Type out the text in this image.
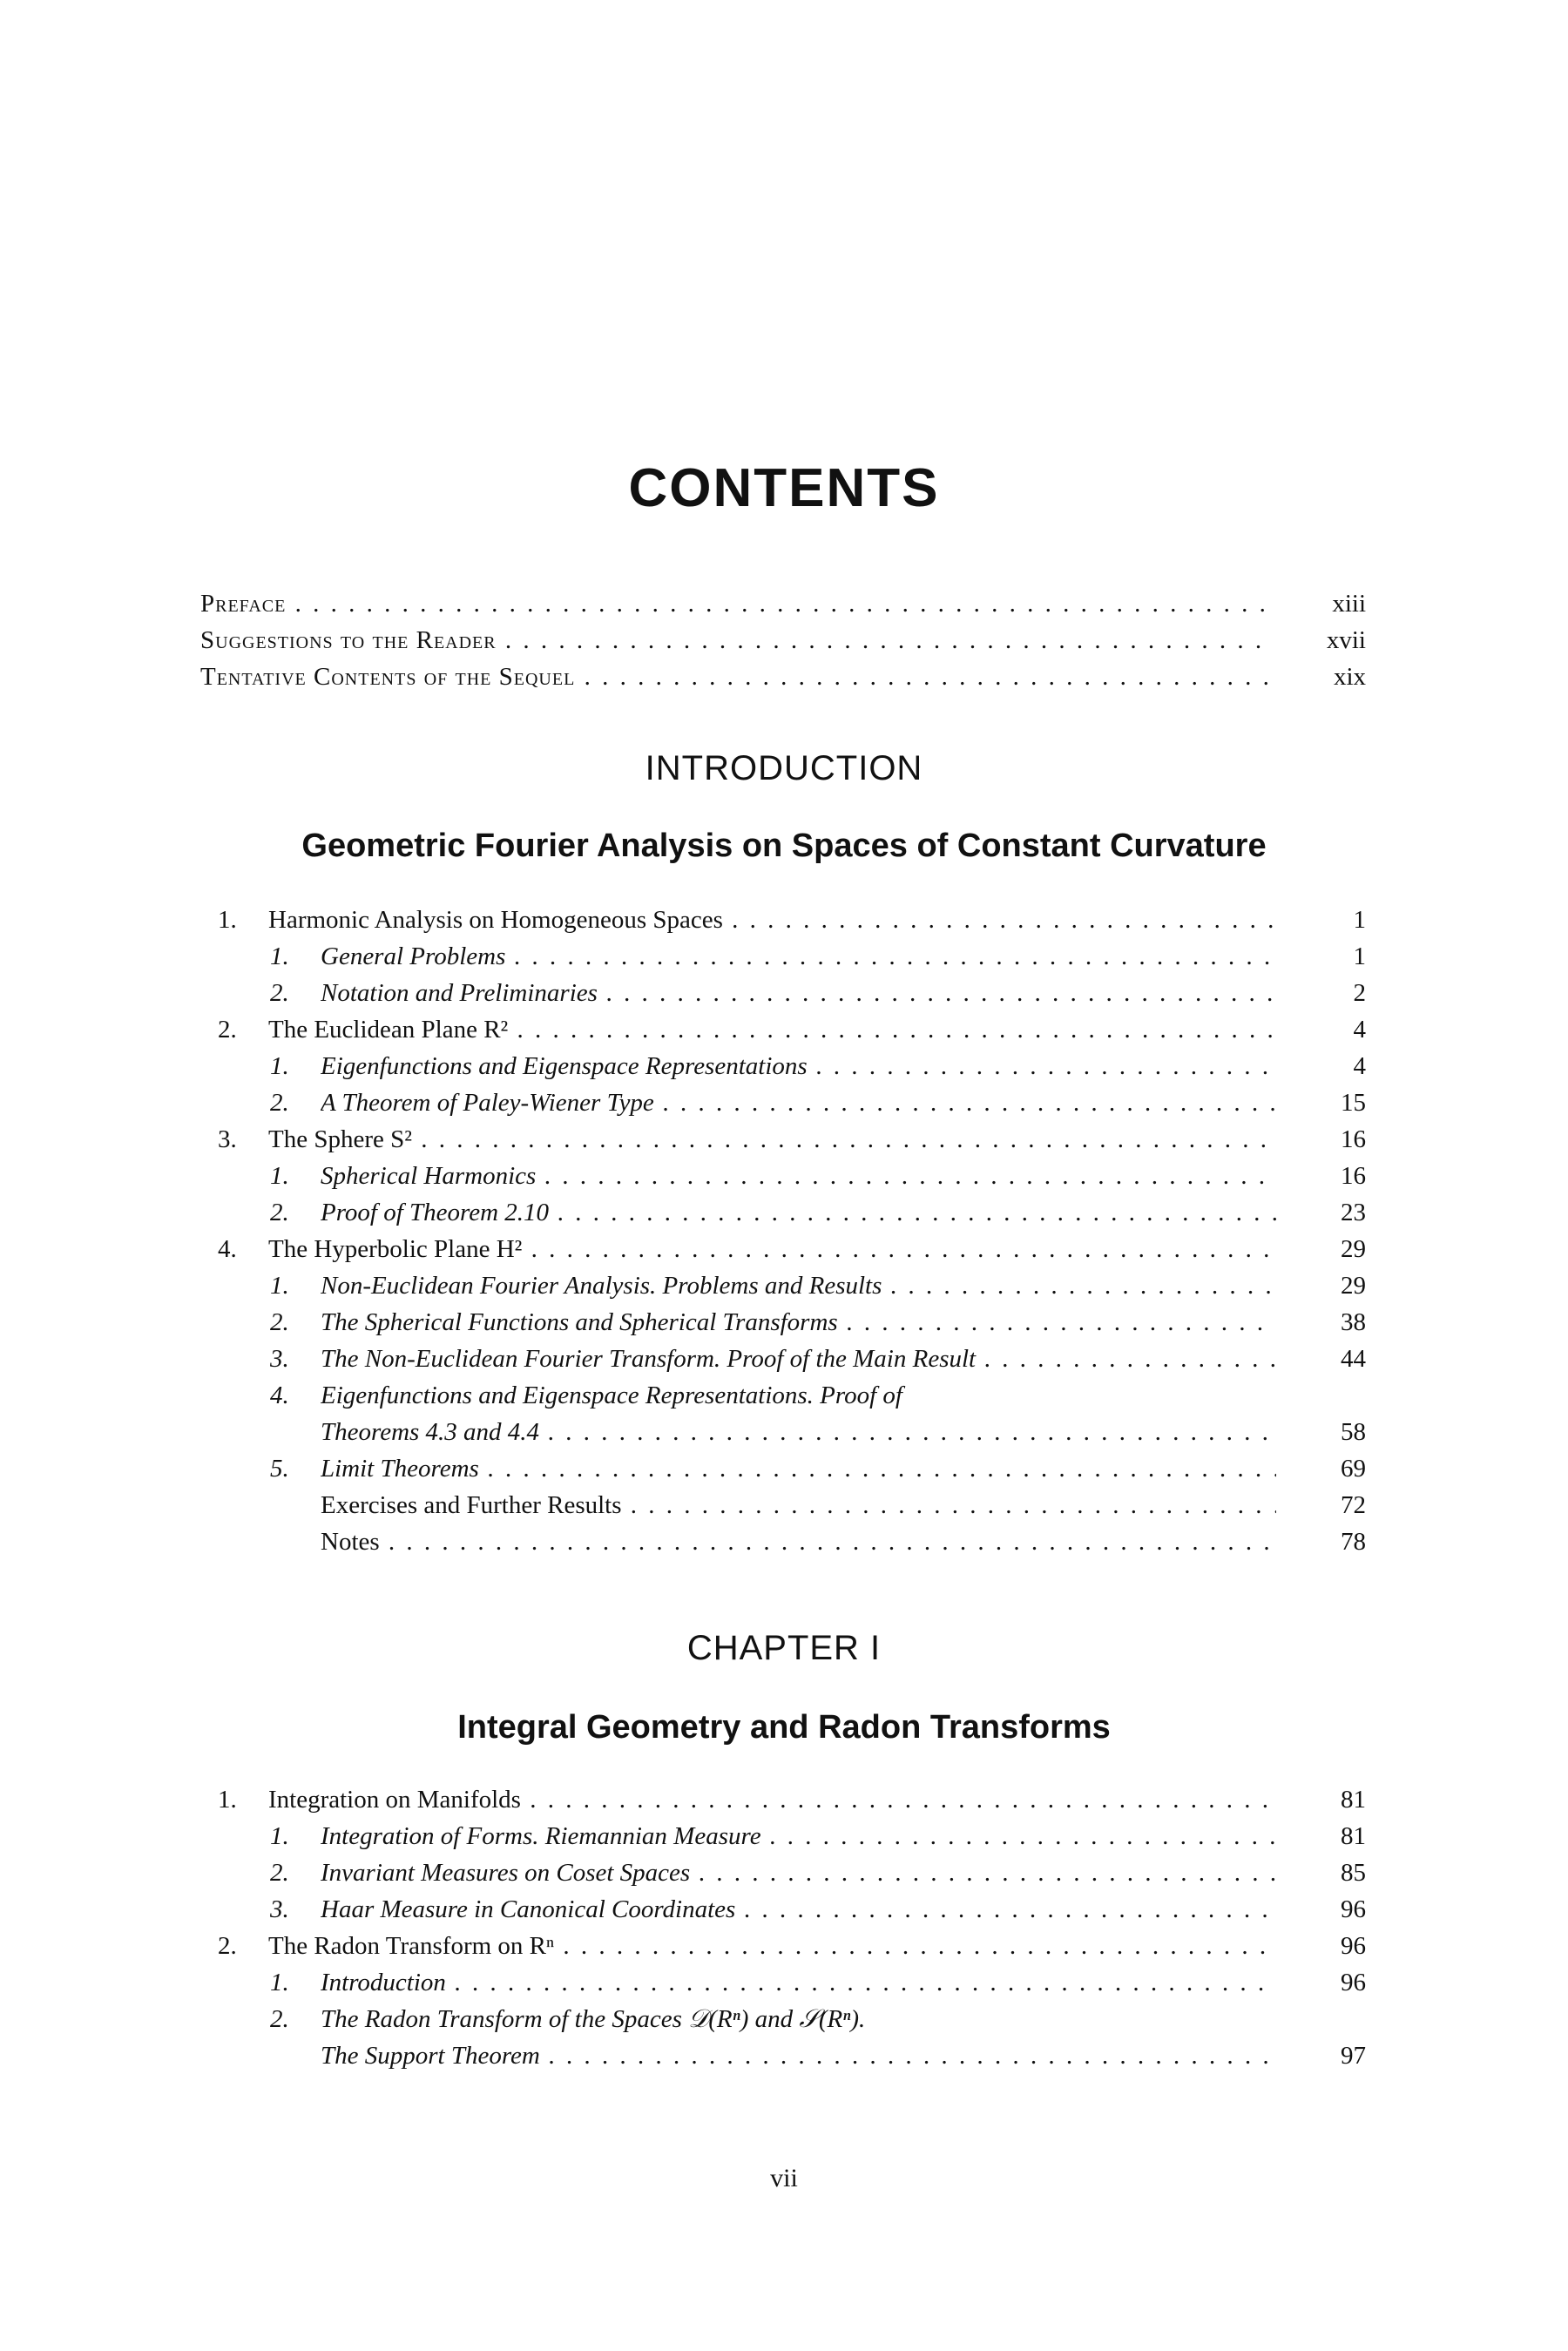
CONTENTS
Preface . . .	xiii
Suggestions to the Reader . . .	xvii
Tentative Contents of the Sequel . . .	xix
INTRODUCTION
Geometric Fourier Analysis on Spaces of Constant Curvature
1.	Harmonic Analysis on Homogeneous Spaces . . .	1
1.	General Problems . . .	1
2.	Notation and Preliminaries . . .	2
2.	The Euclidean Plane R² . . .	4
1.	Eigenfunctions and Eigenspace Representations . . .	4
2.	A Theorem of Paley-Wiener Type . . .	15
3.	The Sphere S² . . .	16
1.	Spherical Harmonics . . .	16
2.	Proof of Theorem 2.10 . . .	23
4.	The Hyperbolic Plane H² . . .	29
1.	Non-Euclidean Fourier Analysis. Problems and Results . . .	29
2.	The Spherical Functions and Spherical Transforms . . .	38
3.	The Non-Euclidean Fourier Transform. Proof of the Main Result . . .	44
4.	Eigenfunctions and Eigenspace Representations. Proof of
Theorems 4.3 and 4.4 . . .	58
5.	Limit Theorems . . .	69
Exercises and Further Results . . .	72
Notes . . .	78
CHAPTER I
Integral Geometry and Radon Transforms
1.	Integration on Manifolds . . .	81
1.	Integration of Forms. Riemannian Measure . . .	81
2.	Invariant Measures on Coset Spaces . . .	85
3.	Haar Measure in Canonical Coordinates . . .	96
2.	The Radon Transform on Rⁿ . . .	96
1.	Introduction . . .	96
2.	The Radon Transform of the Spaces 𝒟(Rⁿ) and 𝒮(Rⁿ).
The Support Theorem . . .	97
vii
